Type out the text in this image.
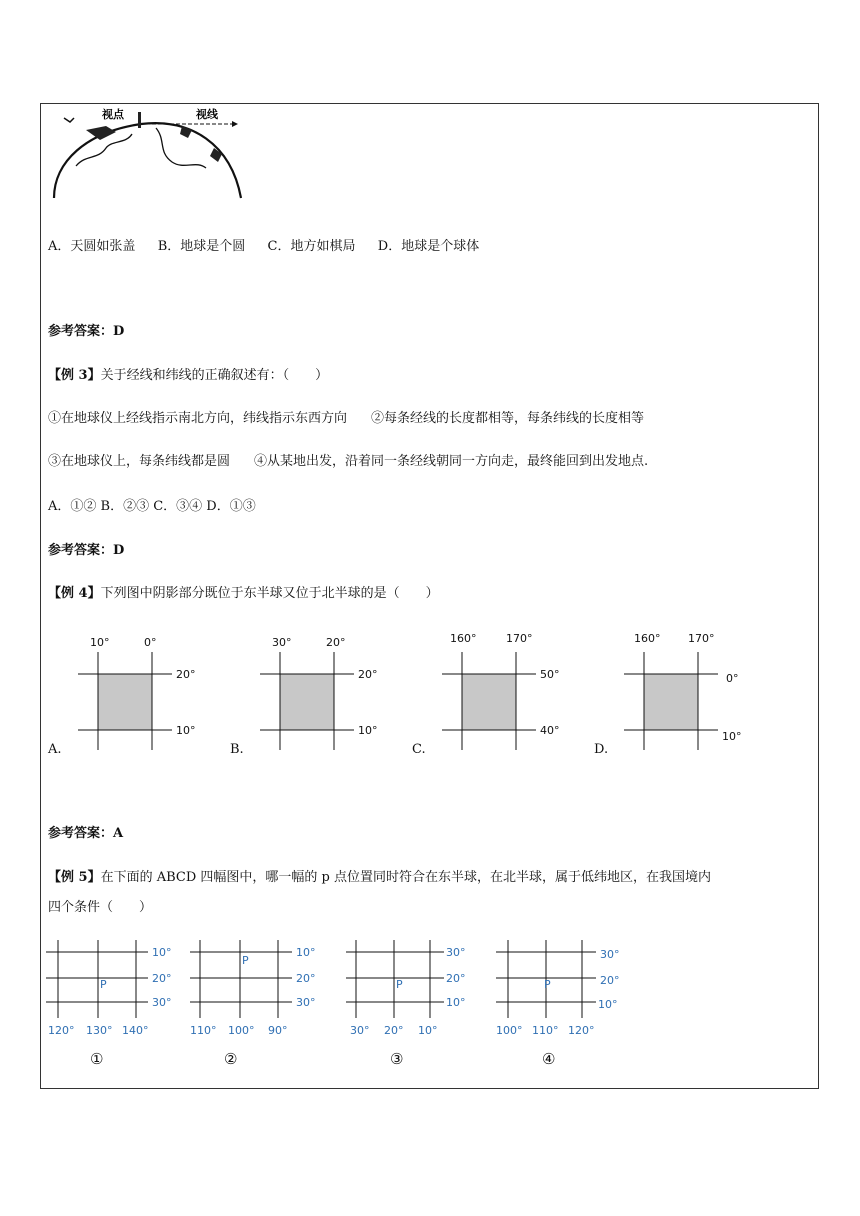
视点	视线
A．天圆如张盖 B．地球是个圆 C．地方如棋局 D．地球是个球体
参考答案：D
【例 3】关于经线和纬线的正确叙述有：（　　）
①在地球仪上经线指示南北方向，纬线指示东西方向 ②每条经线的长度都相等，每条纬线的长度相等
③在地球仪上，每条纬线都是圆 ④从某地出发，沿着同一条经线朝同一方向走，最终能回到出发地点.
A．①② B．②③ C．③④ D．①③
参考答案：D
【例 4】下列图中阴影部分既位于东半球又位于北半球的是（　　）
A.
10°	0°
20°
10°
B.
30°	20°
20°
10°
C.
160°	170°
50°
40°
D.
160°	170°
0°
10°
参考答案：A
【例 5】在下面的 ABCD 四幅图中，哪一幅的 p 点位置同时符合在东半球，在北半球，属于低纬地区，在我国境内
四个条件（　　）
P
10°
20°
30°
120° 130° 140°
①
P
10°
20°
30°
110° 100° 90°
②
P
30°
20°
10°
30° 20° 10°
③
P
30°
20°
10°
100° 110° 120°
④
